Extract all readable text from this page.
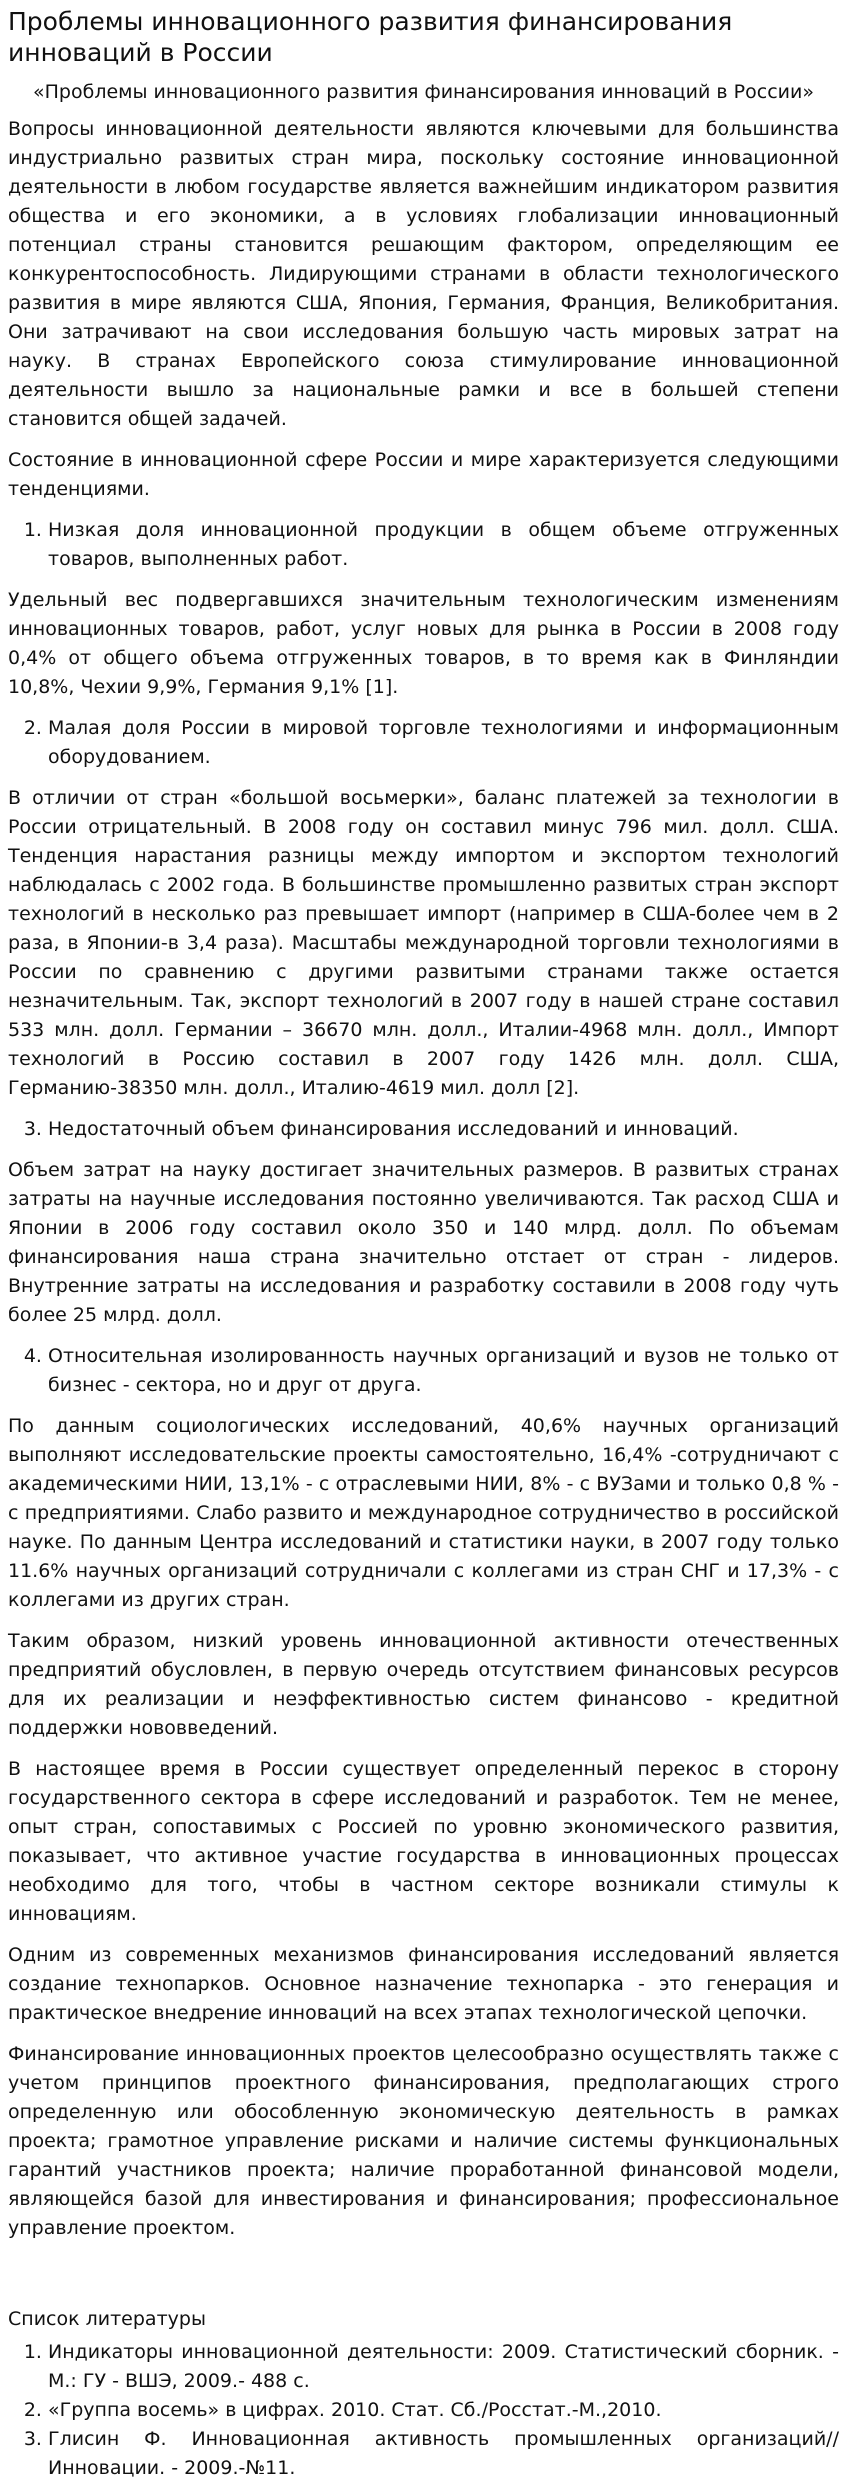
Проблемы инновационного развития финансирования инноваций в России

«Проблемы инновационного развития финансирования инноваций в России»

Вопросы инновационной деятельности являются ключевыми для большинства индустриально развитых стран мира, поскольку состояние инновационной деятельности в любом государстве является важнейшим индикатором развития общества и его экономики, а в условиях глобализации инновационный потенциал страны становится решающим фактором, определяющим ее конкурентоспособность. Лидирующими странами в области технологического развития в мире являются США, Япония, Германия, Франция, Великобритания. Они затрачивают на свои исследования большую часть мировых затрат на науку. В странах Европейского союза стимулирование инновационной деятельности вышло за национальные рамки и все в большей степени становится общей задачей.

Состояние в инновационной сфере России и мире характеризуется следующими тенденциями.

1. Низкая доля инновационной продукции в общем объеме отгруженных товаров, выполненных работ.

Удельный вес подвергавшихся значительным технологическим изменениям инновационных товаров, работ, услуг новых для рынка в России в 2008 году 0,4% от общего объема отгруженных товаров, в то время как в Финляндии 10,8%, Чехии 9,9%, Германия 9,1% [1].

2. Малая доля России в мировой торговле технологиями и информационным оборудованием.

В отличии от стран «большой восьмерки», баланс платежей за технологии в России отрицательный. В 2008 году он составил минус 796 мил. долл. США. Тенденция нарастания разницы между импортом и экспортом технологий наблюдалась с 2002 года. В большинстве промышленно развитых стран экспорт технологий в несколько раз превышает импорт (например в США-более чем в 2 раза, в Японии-в 3,4 раза). Масштабы международной торговли технологиями в России по сравнению с другими развитыми странами также остается незначительным. Так, экспорт технологий в 2007 году в нашей стране составил 533 млн. долл. Германии – 36670 млн. долл., Италии-4968 млн. долл., Импорт технологий в Россию составил в 2007 году 1426 млн. долл. США, Германию-38350 млн. долл., Италию-4619 мил. долл [2].

3. Недостаточный объем финансирования исследований и инноваций.

Объем затрат на науку достигает значительных размеров. В развитых странах затраты на научные исследования постоянно увеличиваются. Так расход США и Японии в 2006 году составил около 350 и 140 млрд. долл. По объемам финансирования наша страна значительно отстает от стран - лидеров. Внутренние затраты на исследования и разработку составили в 2008 году чуть более 25 млрд. долл.

4. Относительная изолированность научных организаций и вузов не только от бизнес - сектора, но и друг от друга.

По данным социологических исследований, 40,6% научных организаций выполняют исследовательские проекты самостоятельно, 16,4% -сотрудничают с академическими НИИ, 13,1% - с отраслевыми НИИ, 8% - с ВУЗами и только 0,8 % - с предприятиями. Слабо развито и международное сотрудничество в российской науке. По данным Центра исследований и статистики науки, в 2007 году только 11.6% научных организаций сотрудничали с коллегами из стран СНГ и 17,3% - с коллегами из других стран.

Таким образом, низкий уровень инновационной активности отечественных предприятий обусловлен, в первую очередь отсутствием финансовых ресурсов для их реализации и неэффективностью систем финансово - кредитной поддержки нововведений.

В настоящее время в России существует определенный перекос в сторону государственного сектора в сфере исследований и разработок. Тем не менее, опыт стран, сопоставимых с Россией по уровню экономического развития, показывает, что активное участие государства в инновационных процессах необходимо для того, чтобы в частном секторе возникали стимулы к инновациям.

Одним из современных механизмов финансирования исследований является создание технопарков. Основное назначение технопарка - это генерация и практическое внедрение инноваций на всех этапах технологической цепочки.

Финансирование инновационных проектов целесообразно осуществлять также с учетом принципов проектного финансирования, предполагающих строго определенную или обособленную экономическую деятельность в рамках проекта; грамотное управление рисками и наличие системы функциональных гарантий участников проекта; наличие проработанной финансовой модели, являющейся базой для инвестирования и финансирования; профессиональное управление проектом.

Список литературы

1. Индикаторы инновационной деятельности: 2009. Статистический сборник. - М.: ГУ - ВШЭ, 2009.- 488 с.
2. «Группа восемь» в цифрах. 2010. Стат. Сб./Росстат.-М.,2010.
3. Глисин Ф. Инновационная активность промышленных организаций//Инновации. - 2009.-№11.
